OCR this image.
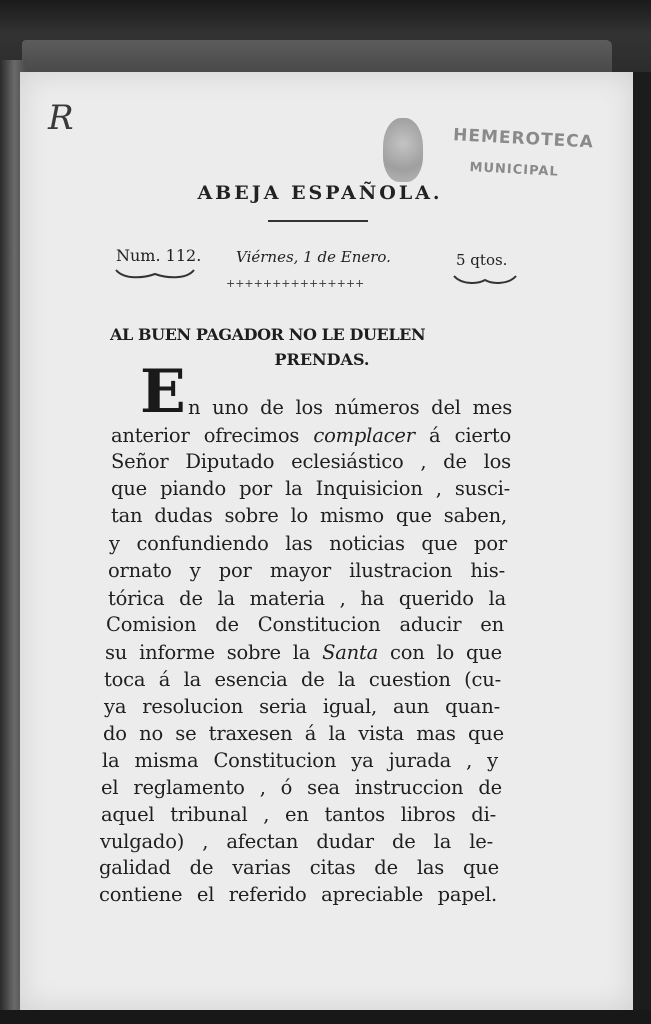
R
HEMEROTECA
MUNICIPAL
ABEJA ESPAÑOLA.
Num. 112. Viérnes, 1 de Enero.	5 qtos.
+++++++++++++++
AL BUEN PAGADOR NO LE DUELEN
PRENDAS.
E n uno de los números del mes
anterior ofrecimos complacer á cierto
Señor Diputado eclesiástico , de los
que piando por la Inquisicion , susci-
tan dudas sobre lo mismo que saben,
y confundiendo las noticias que por
ornato y por mayor ilustracion his-
tórica de la materia , ha querido la
Comision de Constitucion aducir en
su informe sobre la Santa con lo que
toca á la esencia de la cuestion (cu-
ya resolucion seria igual, aun quan-
do no se traxesen á la vista mas que
la misma Constitucion ya jurada , y
el reglamento , ó sea instruccion de
aquel tribunal , en tantos libros di-
vulgado) , afectan dudar de la le-
galidad de varias citas de las que
contiene el referido apreciable papel.
